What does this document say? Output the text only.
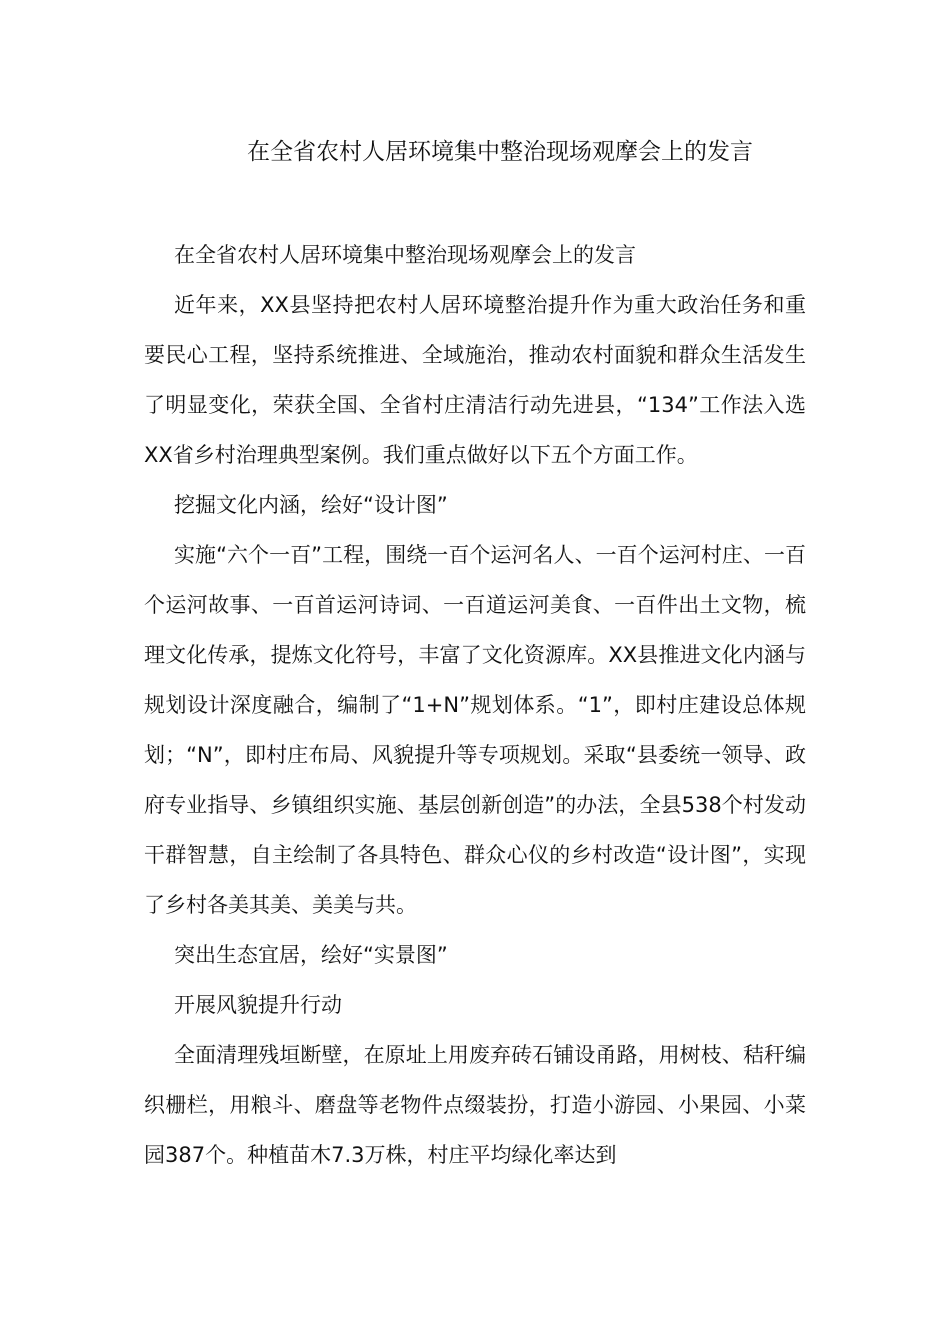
在全省农村人居环境集中整治现场观摩会上的发言

在全省农村人居环境集中整治现场观摩会上的发言

近年来，XX县坚持把农村人居环境整治提升作为重大政治任务和重要民心工程，坚持系统推进、全域施治，推动农村面貌和群众生活发生了明显变化，荣获全国、全省村庄清洁行动先进县，“134”工作法入选XX省乡村治理典型案例。我们重点做好以下五个方面工作。

挖掘文化内涵，绘好“设计图”

实施“六个一百”工程，围绕一百个运河名人、一百个运河村庄、一百个运河故事、一百首运河诗词、一百道运河美食、一百件出土文物，梳理文化传承，提炼文化符号，丰富了文化资源库。XX县推进文化内涵与规划设计深度融合，编制了“1+N”规划体系。“1”，即村庄建设总体规划；“N”，即村庄布局、风貌提升等专项规划。采取“县委统一领导、政府专业指导、乡镇组织实施、基层创新创造”的办法，全县538个村发动干群智慧，自主绘制了各具特色、群众心仪的乡村改造“设计图”，实现了乡村各美其美、美美与共。

突出生态宜居，绘好“实景图”

开展风貌提升行动

全面清理残垣断壁，在原址上用废弃砖石铺设甬路，用树枝、秸秆编织栅栏，用粮斗、磨盘等老物件点缀装扮，打造小游园、小果园、小菜园387个。种植苗木7.3万株，村庄平均绿化率达到
